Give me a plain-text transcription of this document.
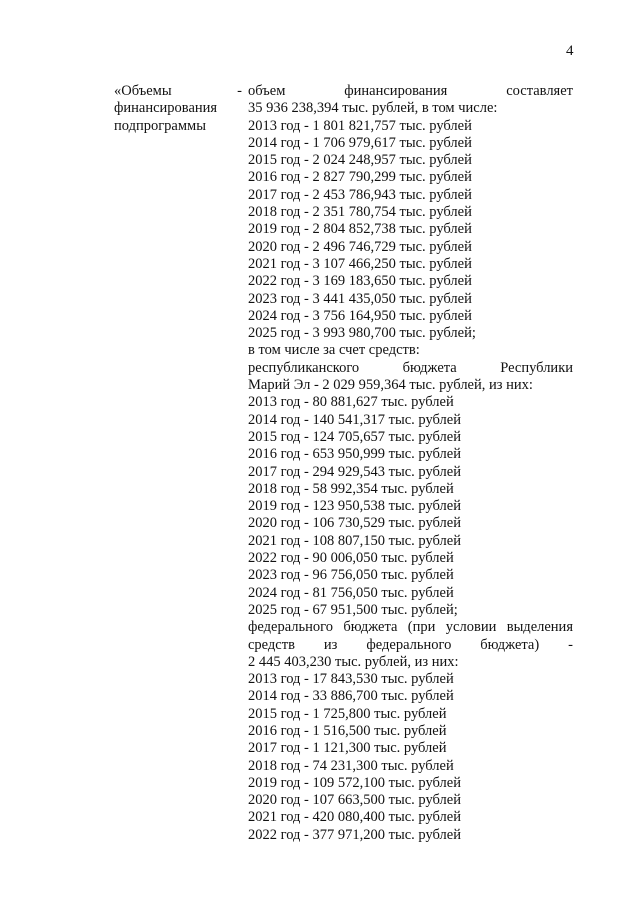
4
«Объемы -
финансирования
подпрограммы
объем финансирования составляет
35 936 238,394 тыс. рублей, в том числе:
2013 год - 1 801 821,757 тыс. рублей
2014 год - 1 706 979,617 тыс. рублей
2015 год - 2 024 248,957 тыс. рублей
2016 год - 2 827 790,299 тыс. рублей
2017 год - 2 453 786,943 тыс. рублей
2018 год - 2 351 780,754 тыс. рублей
2019 год - 2 804 852,738 тыс. рублей
2020 год - 2 496 746,729 тыс. рублей
2021 год - 3 107 466,250 тыс. рублей
2022 год - 3 169 183,650 тыс. рублей
2023 год - 3 441 435,050 тыс. рублей
2024 год - 3 756 164,950 тыс. рублей
2025 год - 3 993 980,700 тыс. рублей;
в том числе за счет средств:
республиканского бюджета Республики
Марий Эл - 2 029 959,364 тыс. рублей, из них:
2013 год - 80 881,627 тыс. рублей
2014 год - 140 541,317 тыс. рублей
2015 год - 124 705,657 тыс. рублей
2016 год - 653 950,999 тыс. рублей
2017 год - 294 929,543 тыс. рублей
2018 год - 58 992,354 тыс. рублей
2019 год - 123 950,538 тыс. рублей
2020 год - 106 730,529 тыс. рублей
2021 год - 108 807,150 тыс. рублей
2022 год - 90 006,050 тыс. рублей
2023 год - 96 756,050 тыс. рублей
2024 год - 81 756,050 тыс. рублей
2025 год - 67 951,500 тыс. рублей;
федерального бюджета (при условии выделения
средств из федерального бюджета) -
2 445 403,230 тыс. рублей, из них:
2013 год - 17 843,530 тыс. рублей
2014 год - 33 886,700 тыс. рублей
2015 год - 1 725,800 тыс. рублей
2016 год - 1 516,500 тыс. рублей
2017 год - 1 121,300 тыс. рублей
2018 год - 74 231,300 тыс. рублей
2019 год - 109 572,100 тыс. рублей
2020 год - 107 663,500 тыс. рублей
2021 год - 420 080,400 тыс. рублей
2022 год - 377 971,200 тыс. рублей
